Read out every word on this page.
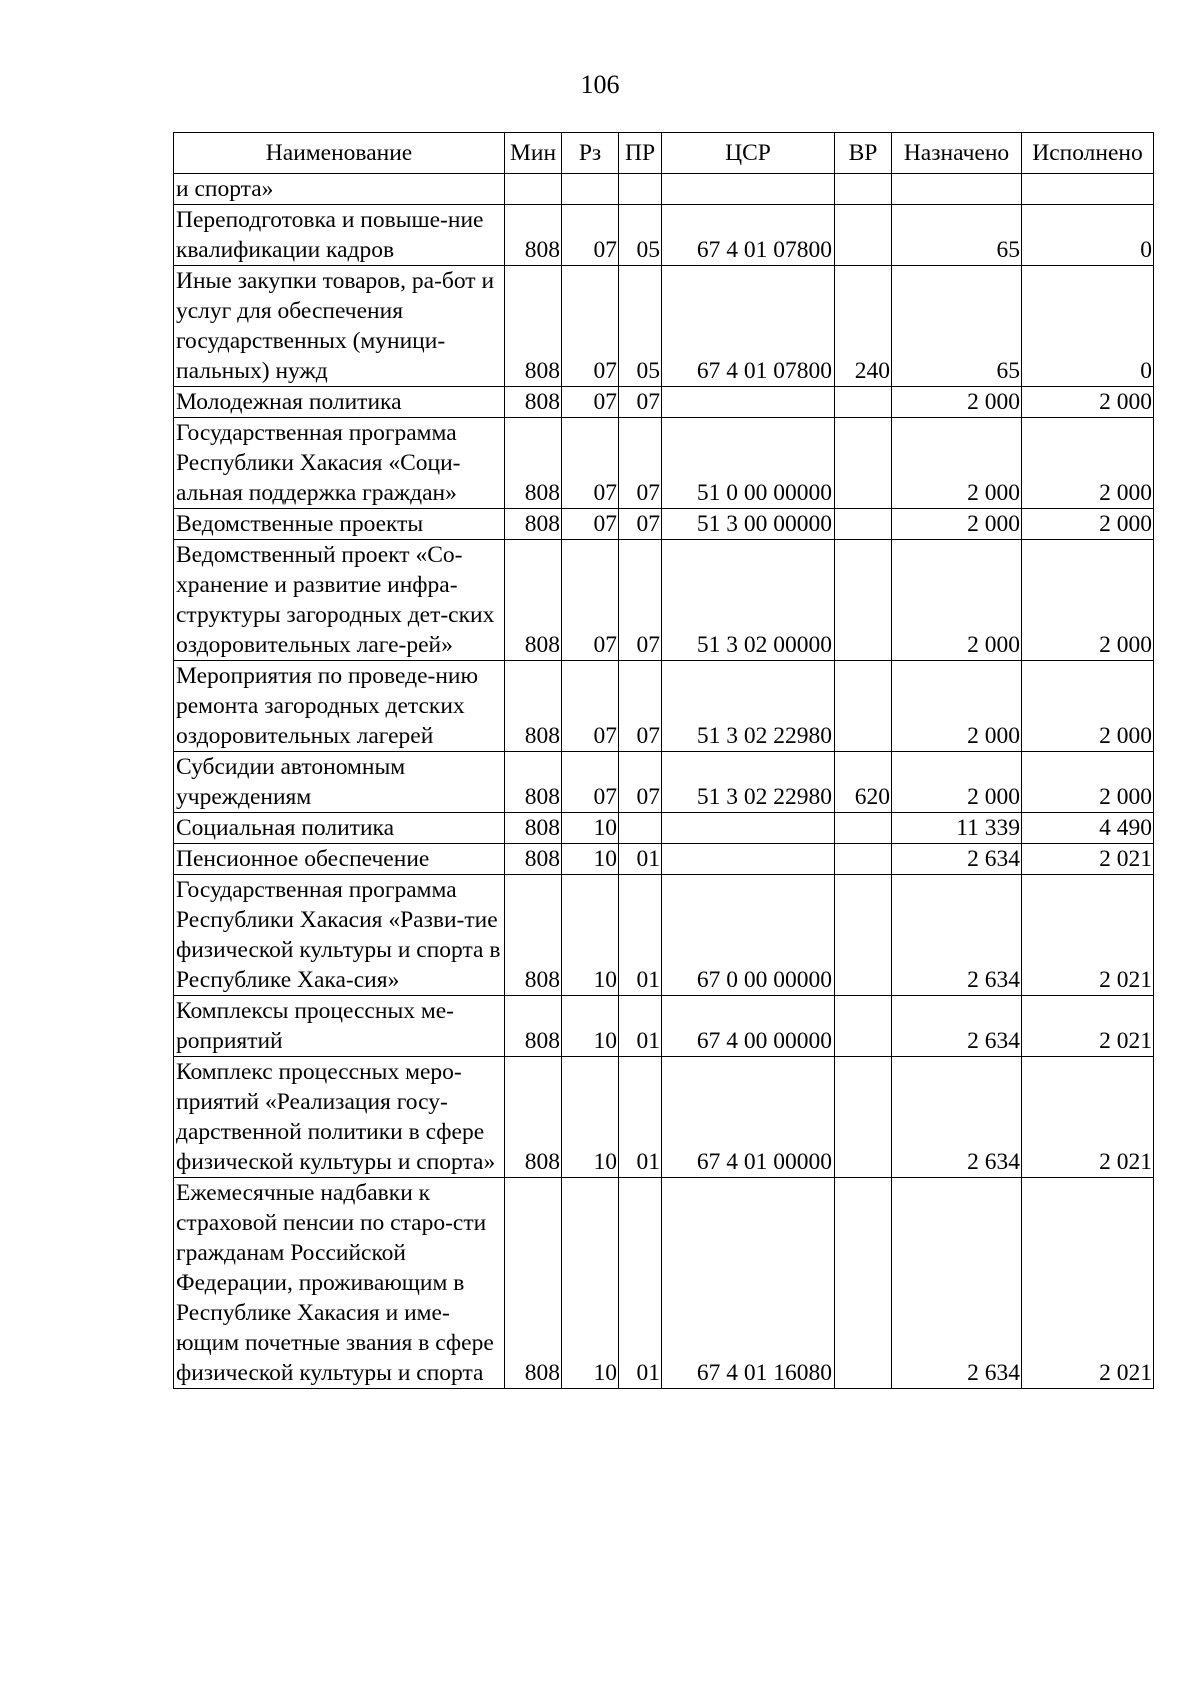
106
Наименование	Мин	Рз	ПР	ЦСР	ВР	Назначено	Исполнено
и спорта»							
Переподготовка и повыше-ние квалификации кадров	808	07	05	67 4 01 07800		65	0
Иные закупки товаров, ра-бот и услуг для обеспечения государственных (муници-пальных) нужд	808	07	05	67 4 01 07800	240	65	0
Молодежная политика	808	07	07			2 000	2 000
Государственная программа Республики Хакасия «Соци-альная поддержка граждан»	808	07	07	51 0 00 00000		2 000	2 000
Ведомственные проекты	808	07	07	51 3 00 00000		2 000	2 000
Ведомственный проект «Со-хранение и развитие инфра-структуры загородных дет-ских оздоровительных лаге-рей»	808	07	07	51 3 02 00000		2 000	2 000
Мероприятия по проведе-нию ремонта загородных детских оздоровительных лагерей	808	07	07	51 3 02 22980		2 000	2 000
Субсидии автономным учреждениям	808	07	07	51 3 02 22980	620	2 000	2 000
Социальная политика	808	10				11 339	4 490
Пенсионное обеспечение	808	10	01			2 634	2 021
Государственная программа Республики Хакасия «Разви-тие физической культуры и спорта в Республике Хака-сия»	808	10	01	67 0 00 00000		2 634	2 021
Комплексы процессных ме-роприятий	808	10	01	67 4 00 00000		2 634	2 021
Комплекс процессных меро-приятий «Реализация госу-дарственной политики в сфере физической культуры и спорта»	808	10	01	67 4 01 00000		2 634	2 021
Ежемесячные надбавки к страховой пенсии по старо-сти гражданам Российской Федерации, проживающим в Республике Хакасия и име-ющим почетные звания в сфере физической культуры и спорта	808	10	01	67 4 01 16080		2 634	2 021
